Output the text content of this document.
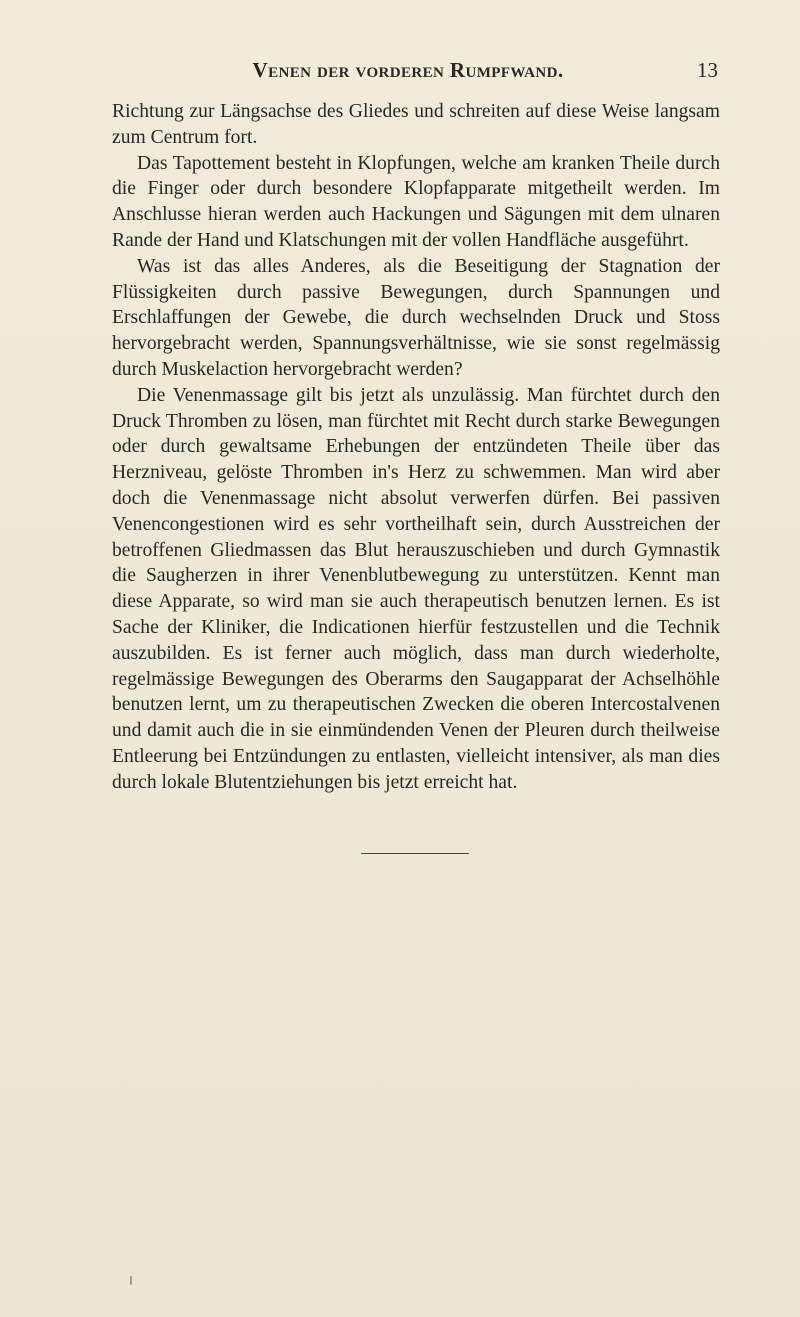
Venen der vorderen Rumpfwand.	13

Richtung zur Längsachse des Gliedes und schreiten auf diese Weise langsam zum Centrum fort.

Das Tapottement besteht in Klopfungen, welche am kranken Theile durch die Finger oder durch besondere Klopfapparate mitgetheilt werden. Im Anschlusse hieran werden auch Hackungen und Sägungen mit dem ulnaren Rande der Hand und Klatschungen mit der vollen Handfläche ausgeführt.

Was ist das alles Anderes, als die Beseitigung der Stagnation der Flüssigkeiten durch passive Bewegungen, durch Spannungen und Erschlaffungen der Gewebe, die durch wechselnden Druck und Stoss hervorgebracht werden, Spannungsverhältnisse, wie sie sonst regelmässig durch Muskelaction hervorgebracht werden?

Die Venenmassage gilt bis jetzt als unzulässig. Man fürchtet durch den Druck Thromben zu lösen, man fürchtet mit Recht durch starke Bewegungen oder durch gewaltsame Erhebungen der entzündeten Theile über das Herzniveau, gelöste Thromben in's Herz zu schwemmen. Man wird aber doch die Venenmassage nicht absolut verwerfen dürfen. Bei passiven Venencongestionen wird es sehr vortheilhaft sein, durch Ausstreichen der betroffenen Gliedmassen das Blut herauszuschieben und durch Gymnastik die Saugherzen in ihrer Venenblutbewegung zu unterstützen. Kennt man diese Apparate, so wird man sie auch therapeutisch benutzen lernen. Es ist Sache der Kliniker, die Indicationen hierfür festzustellen und die Technik auszubilden. Es ist ferner auch möglich, dass man durch wiederholte, regelmässige Bewegungen des Oberarms den Saugapparat der Achselhöhle benutzen lernt, um zu therapeutischen Zwecken die oberen Intercostalvenen und damit auch die in sie einmündenden Venen der Pleuren durch theilweise Entleerung bei Entzündungen zu entlasten, vielleicht intensiver, als man dies durch lokale Blutentziehungen bis jetzt erreicht hat.
